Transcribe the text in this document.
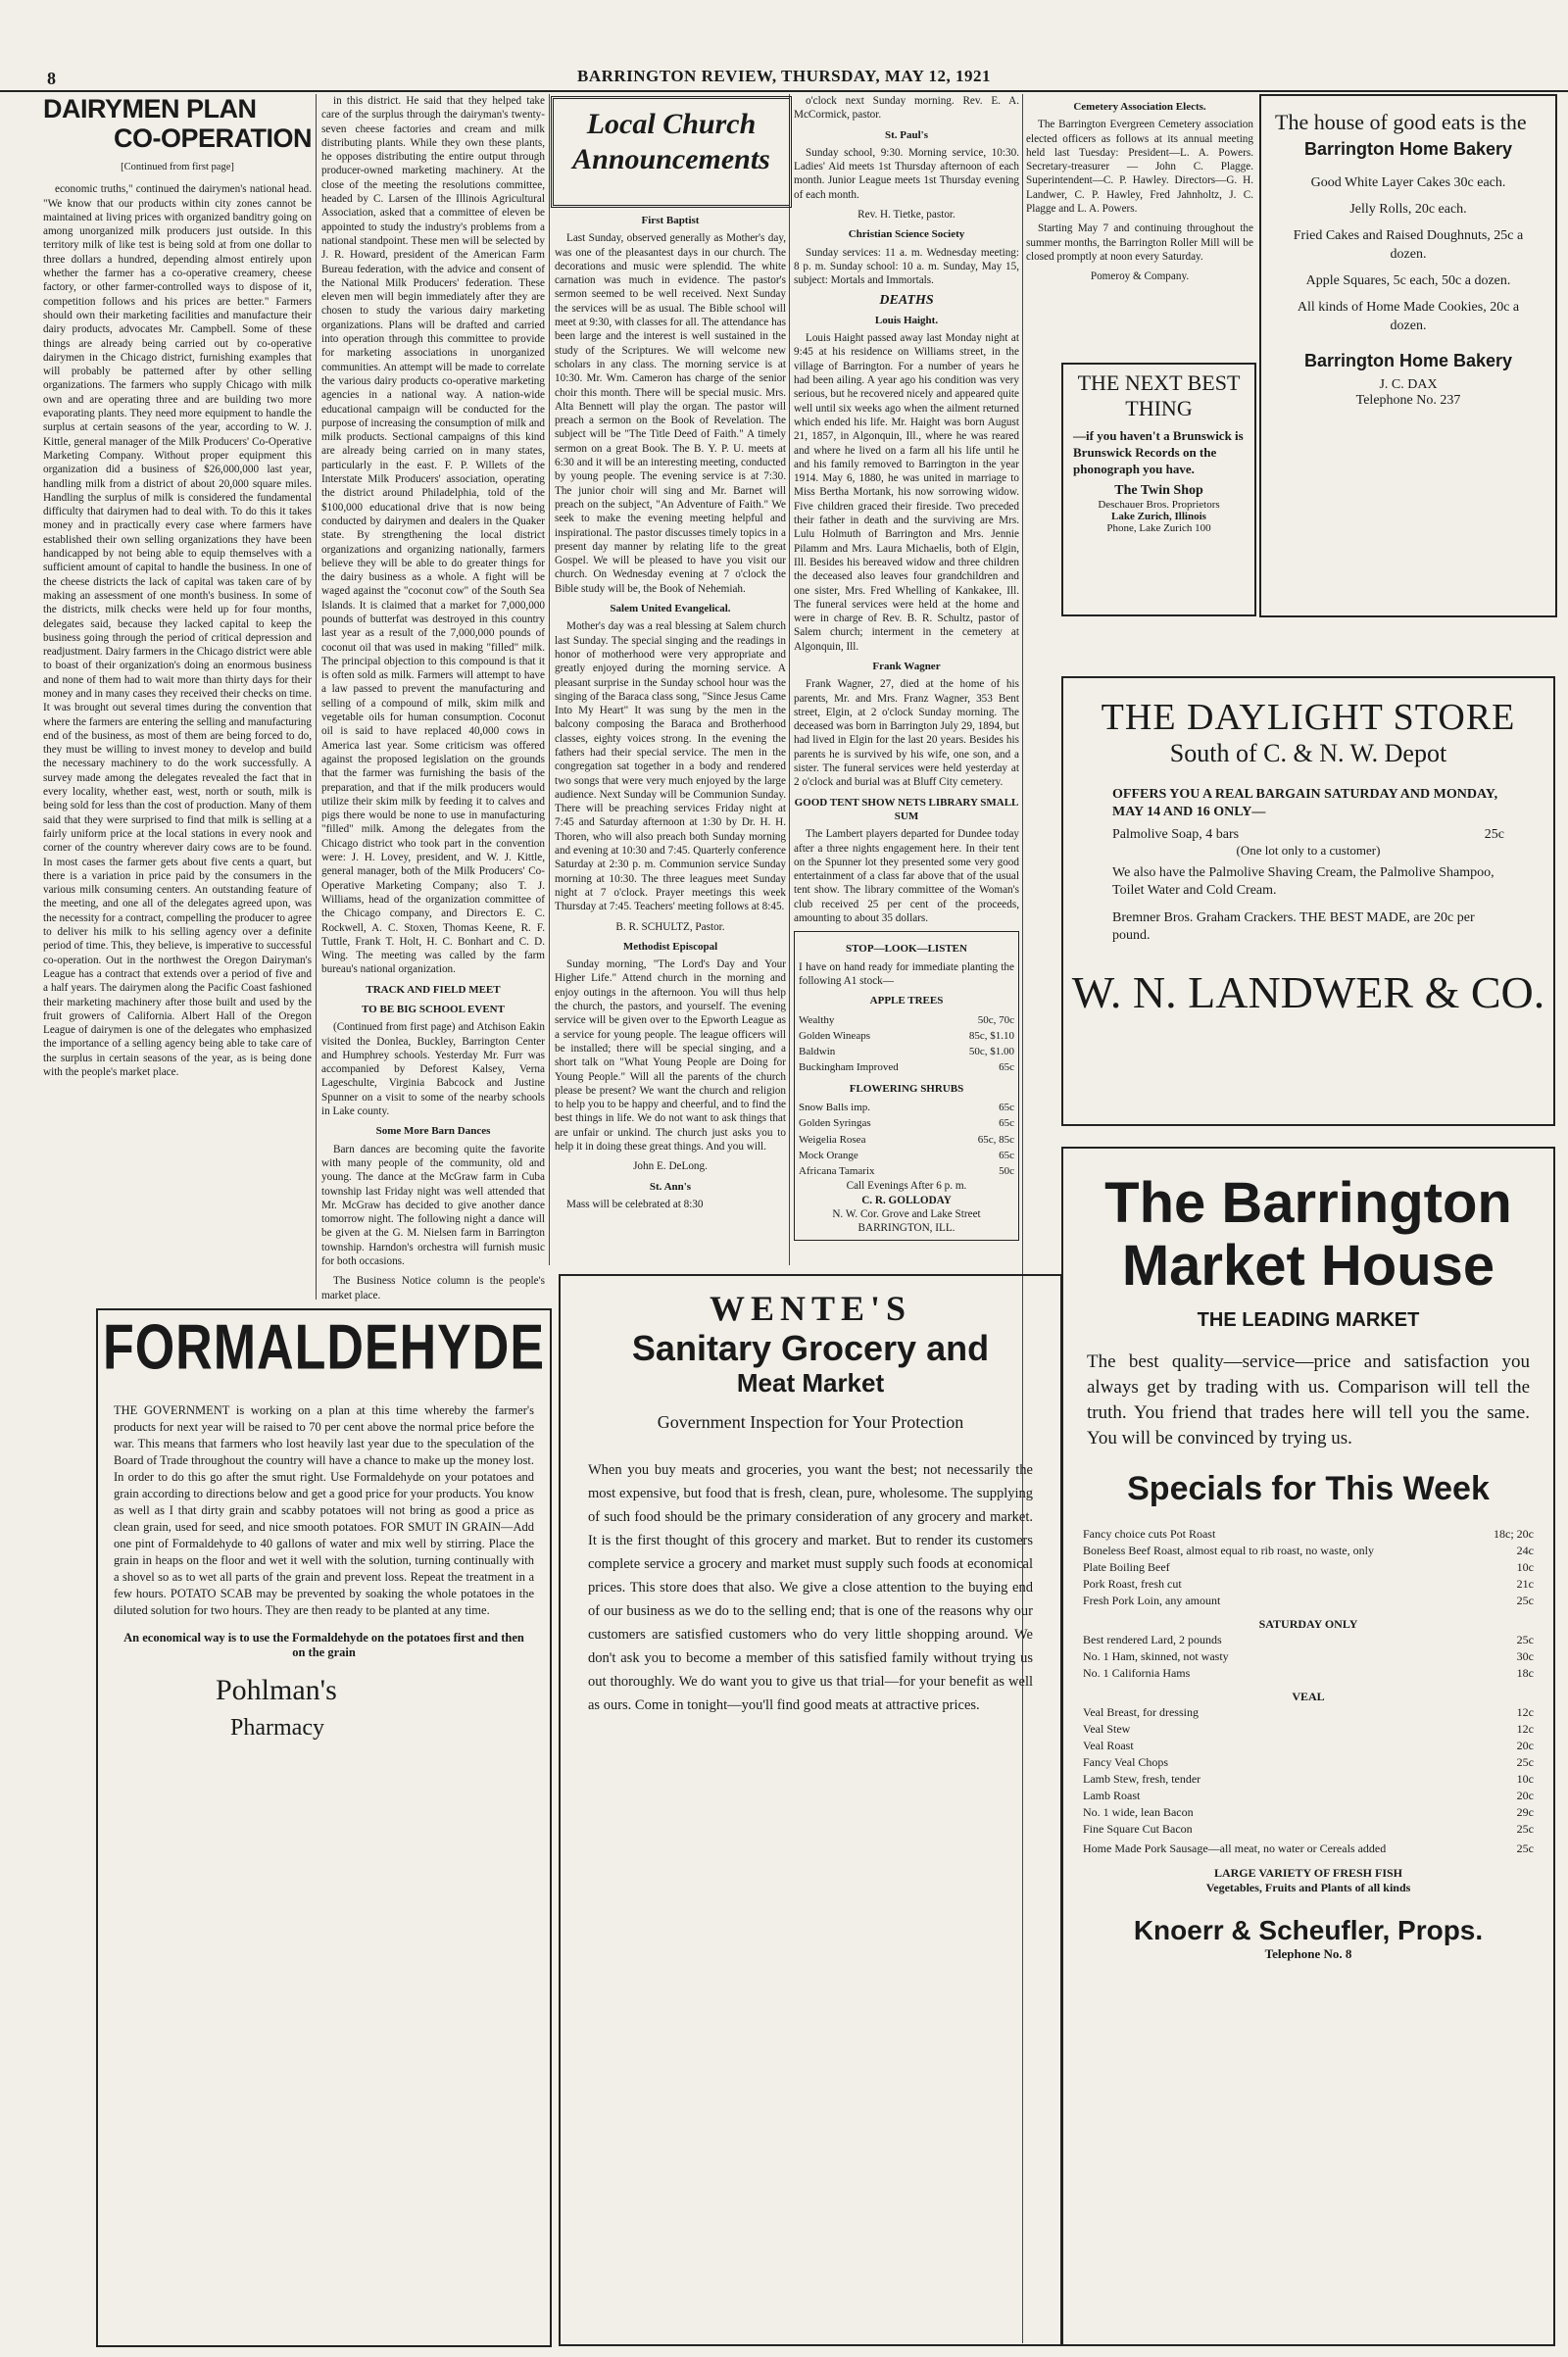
8	BARRINGTON REVIEW, THURSDAY, MAY 12, 1921
DAIRYMEN PLAN
CO-OPERATION
[Continued from first page]

economic truths," continued the dairymen's national head. "We know that our products within city zones cannot be maintained at living prices with organized banditry going on among unorganized milk producers just outside. In this territory milk of like test is being sold at from one dollar to three dollars a hundred, depending almost entirely upon whether the farmer has a co-operative creamery, cheese factory, or other farmer-controlled ways to dispose of it, competition follows and his prices are better." Farmers should own their marketing facilities and manufacture their dairy products, advocates Mr. Campbell. Some of these things are already being carried out by co-operative dairymen in the Chicago district, furnishing examples that will probably be patterned after by other selling organizations. The farmers who supply Chicago with milk own and are operating three and are building two more evaporating plants. They need more equipment to handle the surplus at certain seasons of the year, according to W. J. Kittle, general manager of the Milk Producers' Co-Operative Marketing Company. Without proper equipment this organization did a business of $26,000,000 last year, handling milk from a district of about 20,000 square miles. Handling the surplus of milk is considered the fundamental difficulty that dairymen had to deal with. To do this it takes money and in practically every case where farmers have established their own selling organizations they have been handicapped by not being able to equip themselves with a sufficient amount of capital to handle the business. In one of the cheese districts the lack of capital was taken care of by making an assessment of one month's business. In some of the districts, milk checks were held up for four months, delegates said, because they lacked capital to keep the business going through the period of critical depression and readjustment. Dairy farmers in the Chicago district were able to boast of their organization's doing an enormous business and none of them had to wait more than thirty days for their money and in many cases they received their checks on time. It was brought out several times during the convention that where the farmers are entering the selling and manufacturing end of the business, as most of them are being forced to do, they must be willing to invest money to develop and build the necessary machinery to do the work successfully. A survey made among the delegates revealed the fact that in every locality, whether east, west, north or south, milk is being sold for less than the cost of production. Many of them said that they were surprised to find that milk is selling at a fairly uniform price at the local stations in every nook and corner of the country wherever dairy cows are to be found. In most cases the farmer gets about five cents a quart, but there is a variation in price paid by the consumers in the various milk consuming centers. An outstanding feature of the meeting, and one all of the delegates agreed upon, was the necessity for a contract, compelling the producer to agree to deliver his milk to his selling agency over a definite period of time. This, they believe, is imperative to successful co-operation. Out in the northwest the Oregon Dairyman's League has a contract that extends over a period of five and a half years. The dairymen along the Pacific Coast fashioned their marketing machinery after those built and used by the fruit growers of California. Albert Hall of the Oregon League of dairymen is one of the delegates who emphasized the importance of a selling agency being able to take care of the surplus in certain seasons of the year, as is being done with the people's market place.

in this district. He said that they helped take care of the surplus through the dairyman's twenty-seven cheese factories and cream and milk distributing plants. While they own these plants, he opposes distributing the entire output through producer-owned marketing machinery. At the close of the meeting the resolutions committee, headed by C. Larsen of the Illinois Agricultural Association, asked that a committee of eleven be appointed to study the industry's problems from a national standpoint. These men will be selected by J. R. Howard, president of the American Farm Bureau federation, with the advice and consent of the National Milk Producers' federation. These eleven men will begin immediately after they are chosen to study the various dairy marketing organizations. Plans will be drafted and carried into operation through this committee to provide for marketing associations in unorganized communities. An attempt will be made to correlate the various dairy products co-operative marketing agencies in a national way. A nation-wide educational campaign will be conducted for the purpose of increasing the consumption of milk and milk products. Sectional campaigns of this kind are already being carried on in many states, particularly in the east. F. P. Willets of the Interstate Milk Producers' association, operating the district around Philadelphia, told of the $100,000 educational drive that is now being conducted by dairymen and dealers in the Quaker state. By strengthening the local district organizations and organizing nationally, farmers believe they will be able to do greater things for the dairy business as a whole. A fight will be waged against the "coconut cow" of the South Sea Islands. It is claimed that a market for 7,000,000 pounds of butterfat was destroyed in this country last year as a result of the 7,000,000 pounds of coconut oil that was used in making "filled" milk. The principal objection to this compound is that it is often sold as milk. Farmers will attempt to have a law passed to prevent the manufacturing and selling of a compound of milk, skim milk and vegetable oils for human consumption. Coconut oil is said to have replaced 40,000 cows in America last year. Some criticism was offered against the proposed legislation on the grounds that the farmer was furnishing the basis of the preparation, and that if the milk producers would utilize their skim milk by feeding it to calves and pigs there would be none to use in manufacturing "filled" milk. Among the delegates from the Chicago district who took part in the convention were: J. H. Lovey, president, and W. J. Kittle, general manager, both of the Milk Producers' Co-Operative Marketing Company; also T. J. Williams, head of the organization committee of the Chicago company, and Directors E. C. Rockwell, A. C. Stoxen, Thomas Keene, R. F. Tuttle, Frank T. Holt, H. C. Bonhart and C. D. Wing. The meeting was called by the farm bureau's national organization.

TRACK AND FIELD MEET
TO BE BIG SCHOOL EVENT

(Continued from first page) and Atchison Eakin visited the Donlea, Buckley, Barrington Center and Humphrey schools. Yesterday Mr. Furr was accompanied by Deforest Kalsey, Verna Lageschulte, Virginia Babcock and Justine Spunner on a visit to some of the nearby schools in Lake county.

Some More Barn Dances

Barn dances are becoming quite the favorite with many people of the community, old and young. The dance at the McGraw farm in Cuba township last Friday night was well attended that Mr. McGraw has decided to give another dance tomorrow night. The following night a dance will be given at the G. M. Nielsen farm in Barrington township. Harndon's orchestra will furnish music for both occasions.

The Business Notice column is the people's market place.

Local Church
Announcements
First Baptist

Last Sunday, observed generally as Mother's day, was one of the pleasantest days in our church. The decorations and music were splendid. The white carnation was much in evidence. The pastor's sermon seemed to be well received. Next Sunday the services will be as usual. The Bible school will meet at 9:30, with classes for all. The attendance has been large and the interest is well sustained in the study of the Scriptures. We will welcome new scholars in any class. The morning service is at 10:30. Mr. Wm. Cameron has charge of the senior choir this month. There will be special music. Mrs. Alta Bennett will play the organ. The pastor will preach a sermon on the Book of Revelation. The subject will be "The Title Deed of Faith." A timely sermon on a great Book. The B. Y. P. U. meets at 6:30 and it will be an interesting meeting, conducted by young people. The evening service is at 7:30. The junior choir will sing and Mr. Barnet will preach on the subject, "An Adventure of Faith." We seek to make the evening meeting helpful and inspirational. The pastor discusses timely topics in a present day manner by relating life to the great Gospel. We will be pleased to have you visit our church. On Wednesday evening at 7 o'clock the Bible study will be, the Book of Nehemiah.

Salem United Evangelical.

Mother's day was a real blessing at Salem church last Sunday. The special singing and the readings in honor of motherhood were very appropriate and greatly enjoyed during the morning service. A pleasant surprise in the Sunday school hour was the singing of the Baraca class song, "Since Jesus Came Into My Heart" It was sung by the men in the balcony composing the Baraca and Brotherhood classes, eighty voices strong. In the evening the fathers had their special service. The men in the congregation sat together in a body and rendered two songs that were very much enjoyed by the large audience. Next Sunday will be Communion Sunday. There will be preaching services Friday night at 7:45 and Saturday afternoon at 1:30 by Dr. H. H. Thoren, who will also preach both Sunday morning and evening at 10:30 and 7:45. Quarterly conference Saturday at 2:30 p. m. Communion service Sunday morning at 10:30. The three leagues meet Sunday night at 7 o'clock. Prayer meetings this week Thursday at 7:45. Teachers' meeting follows at 8:45.

B. R. SCHULTZ, Pastor.
Methodist Episcopal

Sunday morning, "The Lord's Day and Your Higher Life." Attend church in the morning and enjoy outings in the afternoon. You will thus help the church, the pastors, and yourself. The evening service will be given over to the Epworth League as a service for young people. The league officers will be installed; there will be special singing, and a short talk on "What Young People are Doing for Young People." Will all the parents of the church please be present? We want the church and religion to help you to be happy and cheerful, and to find the best things in life. We do not want to ask things that are unfair or unkind. The church just asks you to help it in doing these great things. And you will.

John E. DeLong.
St. Ann's

Mass will be celebrated at 8:30

o'clock next Sunday morning. Rev. E. A. McCormick, pastor.

St. Paul's

Sunday school, 9:30. Morning service, 10:30. Ladies' Aid meets 1st Thursday afternoon of each month. Junior League meets 1st Thursday evening of each month.

Rev. H. Tietke, pastor.
Christian Science Society

Sunday services: 11 a. m. Wednesday meeting: 8 p. m. Sunday school: 10 a. m. Sunday, May 15, subject: Mortals and Immortals.

DEATHS
Louis Haight.

Louis Haight passed away last Monday night at 9:45 at his residence on Williams street, in the village of Barrington. For a number of years he had been ailing. A year ago his condition was very serious, but he recovered nicely and appeared quite well until six weeks ago when the ailment returned which ended his life. Mr. Haight was born August 21, 1857, in Algonquin, Ill., where he was reared and where he lived on a farm all his life until he and his family removed to Barrington in the year 1914. May 6, 1880, he was united in marriage to Miss Bertha Mortank, his now sorrowing widow. Five children graced their fireside. Two preceded their father in death and the surviving are Mrs. Lulu Holmuth of Barrington and Mrs. Jennie Pilamm and Mrs. Laura Michaelis, both of Elgin, Ill. Besides his bereaved widow and three children the deceased also leaves four grandchildren and one sister, Mrs. Fred Whelling of Kankakee, Ill. The funeral services were held at the home and were in charge of Rev. B. R. Schultz, pastor of Salem church; interment in the cemetery at Algonquin, Ill.

Frank Wagner

Frank Wagner, 27, died at the home of his parents, Mr. and Mrs. Franz Wagner, 353 Bent street, Elgin, at 2 o'clock Sunday morning. The deceased was born in Barrington July 29, 1894, but had lived in Elgin for the last 20 years. Besides his parents he is survived by his wife, one son, and a sister. The funeral services were held yesterday at 2 o'clock and burial was at Bluff City cemetery.

GOOD TENT SHOW NETS LIBRARY SMALL SUM

The Lambert players departed for Dundee today after a three nights engagement here. In their tent on the Spunner lot they presented some very good entertainment of a class far above that of the usual tent show. The library committee of the Woman's club received 25 per cent of the proceeds, amounting to about 35 dollars.

STOP—LOOK—LISTEN
I have on hand ready for immediate planting the following A1 stock—
APPLE TREES
Wealthy	50c, 70c
Golden Wineaps	85c, $1.10
Baldwin	50c, $1.00
Buckingham Improved	65c
FLOWERING SHRUBS
Snow Balls imp.	65c
Golden Syringas	65c
Weigelia Rosea	65c, 85c
Mock Orange	65c
Africana Tamarix	50c
Call Evenings After 6 p. m.
C. R. GOLLODAY
N. W. Cor. Grove and Lake Street
BARRINGTON, ILL.
Cemetery Association Elects.

The Barrington Evergreen Cemetery association elected officers as follows at its annual meeting held last Tuesday: President—L. A. Powers. Secretary-treasurer — John C. Plagge. Superintendent—C. P. Hawley. Directors—G. H. Landwer, C. P. Hawley, Fred Jahnholtz, J. C. Plagge and L. A. Powers.

Starting May 7 and continuing throughout the summer months, the Barrington Roller Mill will be closed promptly at noon every Saturday.

Pomeroy & Company.
THE NEXT BEST
THING
—if you haven't a Brunswick is Brunswick Records on the phonograph you have.
The Twin Shop
Deschauer Bros. Proprietors
Lake Zurich, Illinois
Phone, Lake Zurich 100
The house of good eats is the
Barrington Home Bakery
Good White Layer Cakes 30c each.
Jelly Rolls, 20c each.
Fried Cakes and Raised Doughnuts, 25c a dozen.
Apple Squares, 5c each, 50c a dozen.
All kinds of Home Made Cookies, 20c a dozen.
Barrington Home Bakery
J. C. DAX
Telephone No. 237
THE DAYLIGHT STORE
South of C. & N. W. Depot
OFFERS YOU A REAL BARGAIN SATURDAY AND MONDAY, MAY 14 AND 16 ONLY—
Palmolive Soap, 4 bars	25c
(One lot only to a customer)
We also have the Palmolive Shaving Cream, the Palmolive Shampoo, Toilet Water and Cold Cream.
Bremner Bros. Graham Crackers. THE BEST MADE, are 20c per pound.
W. N. LANDWER & CO.
The Barrington
Market House
THE LEADING MARKET
The best quality—service—price and satisfaction you always get by trading with us. Comparison will tell the truth. You friend that trades here will tell you the same. You will be convinced by trying us.
Specials for This Week
Fancy choice cuts Pot Roast	18c; 20c
Boneless Beef Roast, almost equal to rib roast, no waste, only	24c
Plate Boiling Beef	10c
Pork Roast, fresh cut	21c
Fresh Pork Loin, any amount	25c
SATURDAY ONLY
Best rendered Lard, 2 pounds	25c
No. 1 Ham, skinned, not wasty	30c
No. 1 California Hams	18c
VEAL
Veal Breast, for dressing	12c
Veal Stew	12c
Veal Roast	20c
Fancy Veal Chops	25c
Lamb Stew, fresh, tender	10c
Lamb Roast	20c
No. 1 wide, lean Bacon	29c
Fine Square Cut Bacon	25c
Home Made Pork Sausage—all meat, no water or Cereals added	25c
LARGE VARIETY OF FRESH FISH
Vegetables, Fruits and Plants of all kinds
Knoerr & Scheufler, Props.
Telephone No. 8
WENTE'S
Sanitary Grocery and
Meat Market
Government Inspection for Your Protection
When you buy meats and groceries, you want the best; not necessarily the most expensive, but food that is fresh, clean, pure, wholesome. The supplying of such food should be the primary consideration of any grocery and market. It is the first thought of this grocery and market. But to render its customers complete service a grocery and market must supply such foods at economical prices. This store does that also. We give a close attention to the buying end of our business as we do to the selling end; that is one of the reasons why our customers are satisfied customers who do very little shopping around. We don't ask you to become a member of this satisfied family without trying us out thoroughly. We do want you to give us that trial—for your benefit as well as ours. Come in tonight—you'll find good meats at attractive prices.
FORMALDEHYDE
THE GOVERNMENT is working on a plan at this time whereby the farmer's products for next year will be raised to 70 per cent above the normal price before the war. This means that farmers who lost heavily last year due to the speculation of the Board of Trade throughout the country will have a chance to make up the money lost. In order to do this go after the smut right. Use Formaldehyde on your potatoes and grain according to directions below and get a good price for your products. You know as well as I that dirty grain and scabby potatoes will not bring as good a price as clean grain, used for seed, and nice smooth potatoes. FOR SMUT IN GRAIN—Add one pint of Formaldehyde to 40 gallons of water and mix well by stirring. Place the grain in heaps on the floor and wet it well with the solution, turning continually with a shovel so as to wet all parts of the grain and prevent loss. Repeat the treatment in a few hours. POTATO SCAB may be prevented by soaking the whole potatoes in the diluted solution for two hours. They are then ready to be planted at any time.
An economical way is to use the Formaldehyde on the potatoes first and then on the grain
Pohlman's
Pharmacy
